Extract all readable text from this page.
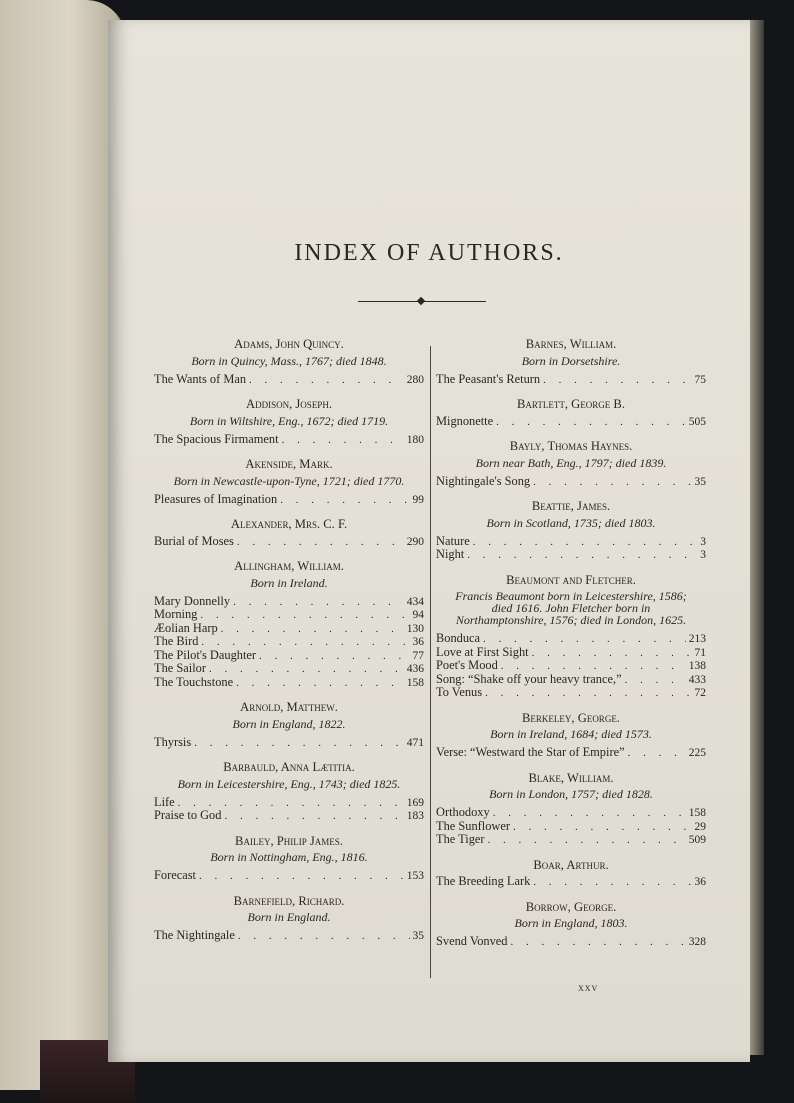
INDEX OF AUTHORS.
Adams, John Quincy.
Born in Quincy, Mass., 1767; died 1848.
The Wants of Man . . .	280
Addison, Joseph.
Born in Wiltshire, Eng., 1672; died 1719.
The Spacious Firmament . . .	180
Akenside, Mark.
Born in Newcastle-upon-Tyne, 1721; died 1770.
Pleasures of Imagination . . .	99
Alexander, Mrs. C. F.
Burial of Moses . . .	290
Allingham, William.
Born in Ireland.
Mary Donnelly . . .	434
Morning . . .	94
Æolian Harp . . .	130
The Bird . . .	36
The Pilot's Daughter . . .	77
The Sailor . . .	436
The Touchstone . . .	158
Arnold, Matthew.
Born in England, 1822.
Thyrsis . . .	471
Barbauld, Anna Lætitia.
Born in Leicestershire, Eng., 1743; died 1825.
Life . . .	169
Praise to God . . .	183
Bailey, Philip James.
Born in Nottingham, Eng., 1816.
Forecast . . .	153
Barnefield, Richard.
Born in England.
The Nightingale . . .	35
Barnes, William.
Born in Dorsetshire.
The Peasant's Return . . .	75
Bartlett, George B.
Mignonette . . .	505
Bayly, Thomas Haynes.
Born near Bath, Eng., 1797; died 1839.
Nightingale's Song . . .	35
Beattie, James.
Born in Scotland, 1735; died 1803.
Nature . . .	3
Night . . .	3
Beaumont and Fletcher.
Francis Beaumont born in Leicestershire, 1586; died 1616. John Fletcher born in Northamptonshire, 1576; died in London, 1625.
Bonduca . . .	213
Love at First Sight . . .	71
Poet's Mood . . .	138
Song: “Shake off your heavy trance,” . . .	433
To Venus . . .	72
Berkeley, George.
Born in Ireland, 1684; died 1573.
Verse: “Westward the Star of Empire” . . .	225
Blake, William.
Born in London, 1757; died 1828.
Orthodoxy . . .	158
The Sunflower . . .	29
The Tiger . . .	509
Boar, Arthur.
The Breeding Lark . . .	36
Borrow, George.
Born in England, 1803.
Svend Vonved . . .	328
xxv
